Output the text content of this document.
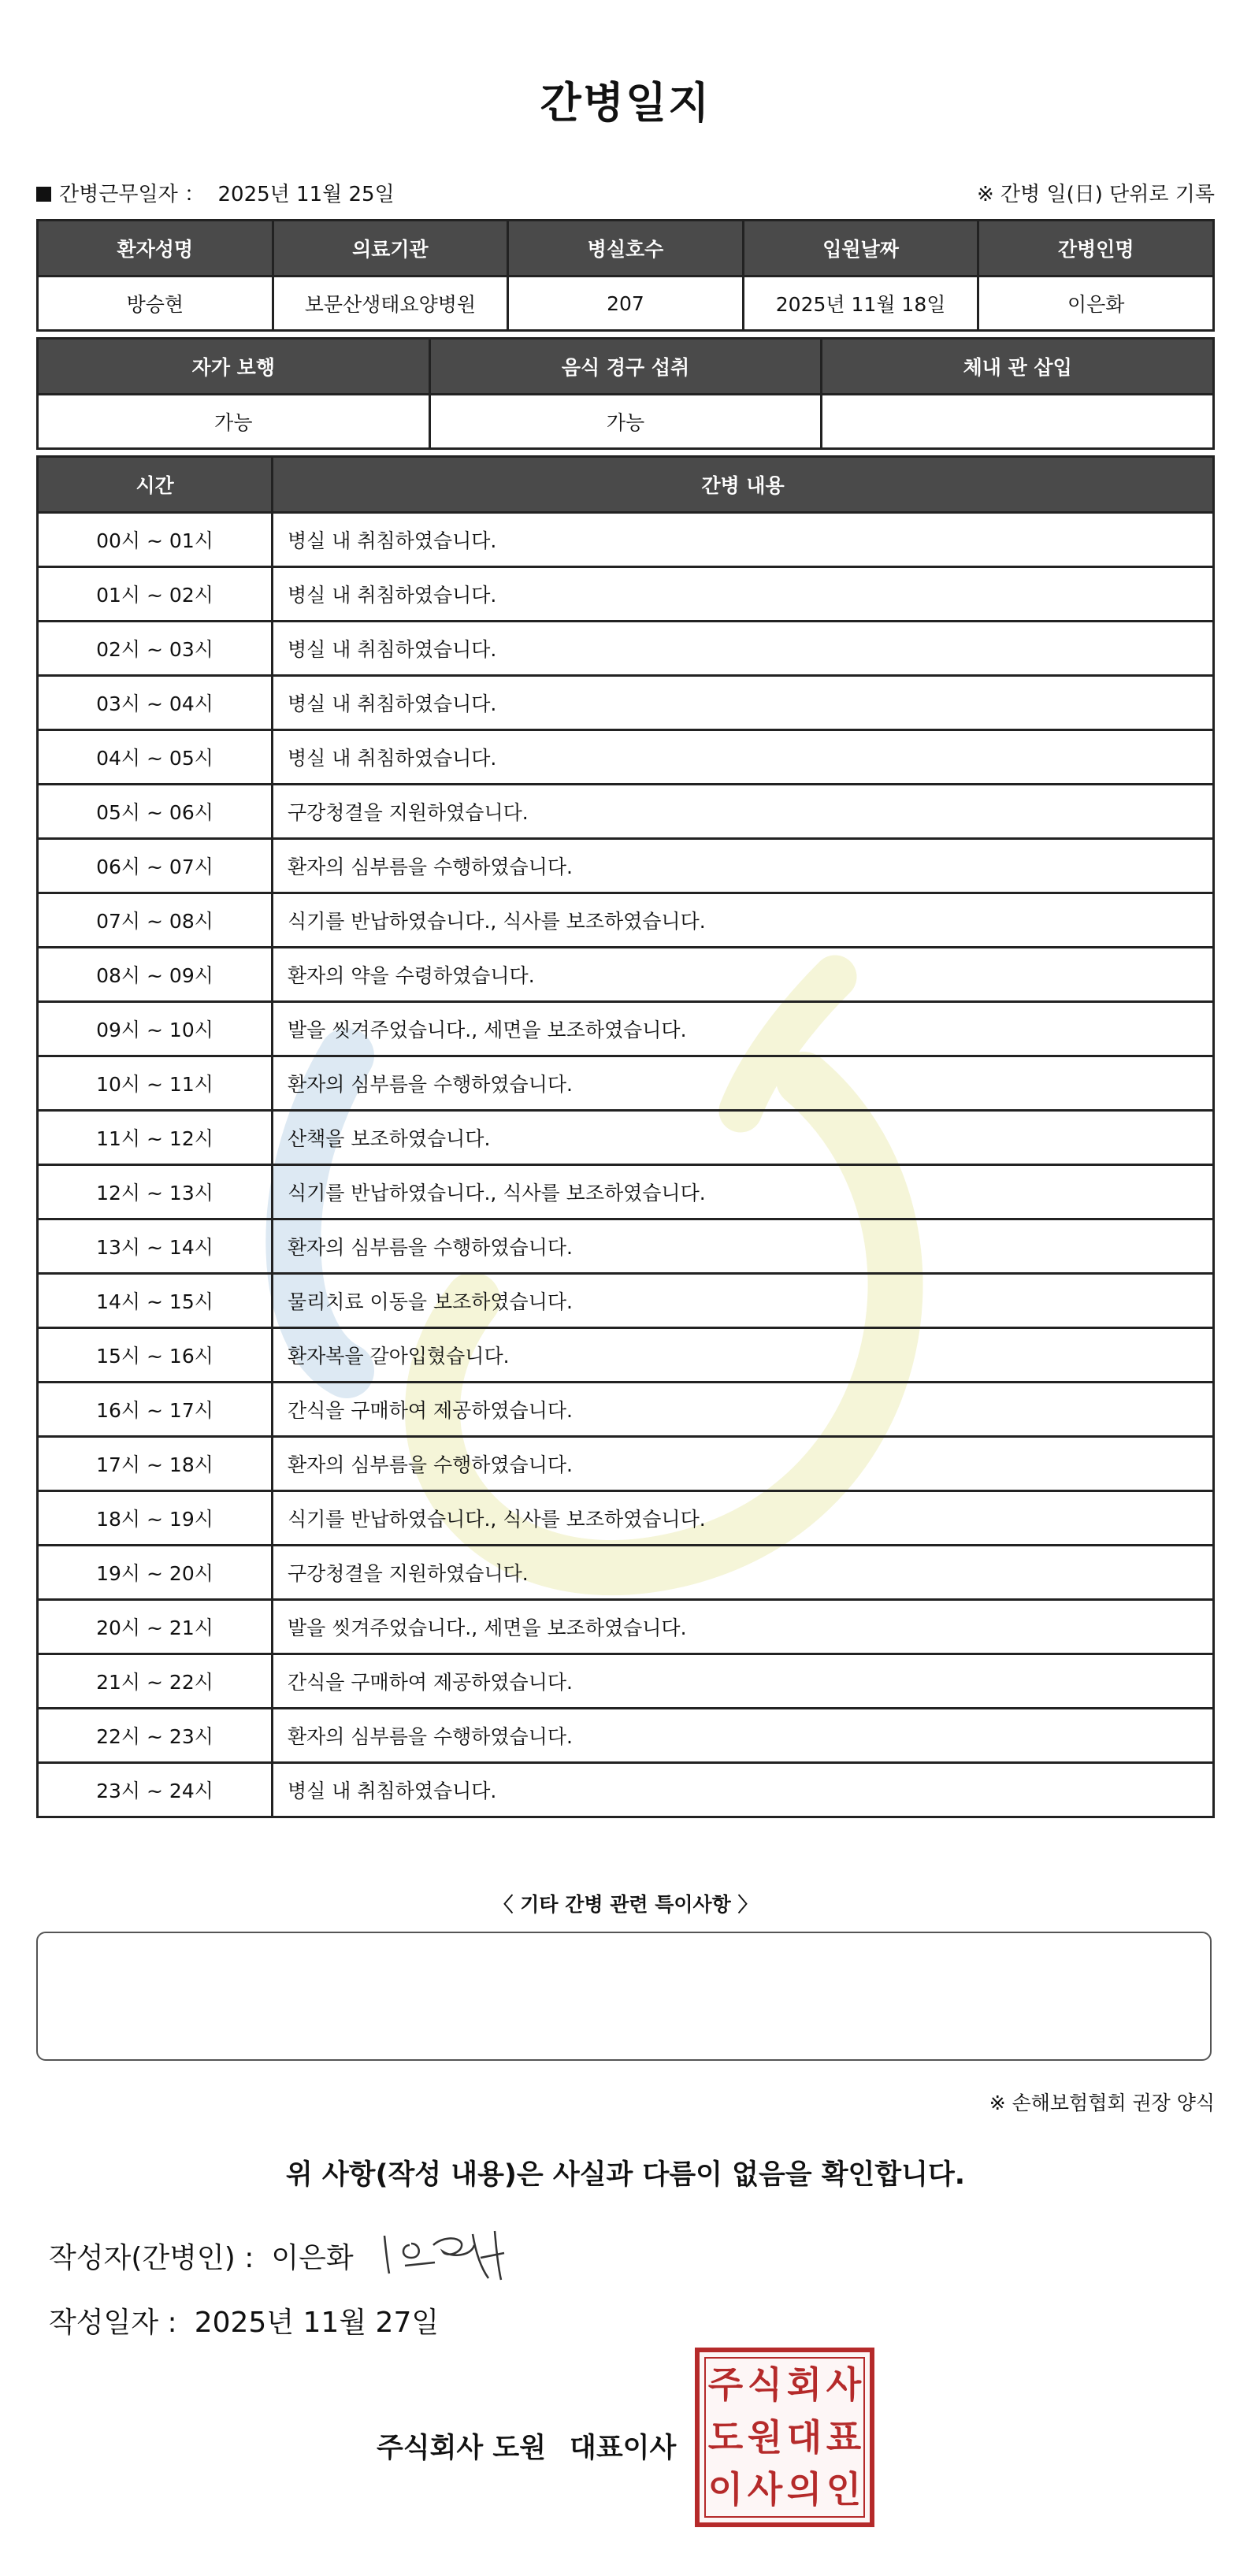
간병일지
간병근무일자 ： 2025년 11월 25일	※ 간병 일(日) 단위로 기록
환자성명	의료기관	병실호수	입원날짜	간병인명
방승현	보문산생태요양병원	207	2025년 11월 18일	이은화
자가 보행	음식 경구 섭취	체내 관 삽입
가능	가능	
시간	간병 내용
00시 ~ 01시	병실 내 취침하였습니다.
01시 ~ 02시	병실 내 취침하였습니다.
02시 ~ 03시	병실 내 취침하였습니다.
03시 ~ 04시	병실 내 취침하였습니다.
04시 ~ 05시	병실 내 취침하였습니다.
05시 ~ 06시	구강청결을 지원하였습니다.
06시 ~ 07시	환자의 심부름을 수행하였습니다.
07시 ~ 08시	식기를 반납하였습니다., 식사를 보조하였습니다.
08시 ~ 09시	환자의 약을 수령하였습니다.
09시 ~ 10시	발을 씻겨주었습니다., 세면을 보조하였습니다.
10시 ~ 11시	환자의 심부름을 수행하였습니다.
11시 ~ 12시	산책을 보조하였습니다.
12시 ~ 13시	식기를 반납하였습니다., 식사를 보조하였습니다.
13시 ~ 14시	환자의 심부름을 수행하였습니다.
14시 ~ 15시	물리치료 이동을 보조하였습니다.
15시 ~ 16시	환자복을 갈아입혔습니다.
16시 ~ 17시	간식을 구매하여 제공하였습니다.
17시 ~ 18시	환자의 심부름을 수행하였습니다.
18시 ~ 19시	식기를 반납하였습니다., 식사를 보조하였습니다.
19시 ~ 20시	구강청결을 지원하였습니다.
20시 ~ 21시	발을 씻겨주었습니다., 세면을 보조하였습니다.
21시 ~ 22시	간식을 구매하여 제공하였습니다.
22시 ~ 23시	환자의 심부름을 수행하였습니다.
23시 ~ 24시	병실 내 취침하였습니다.
〈 기타 간병 관련 특이사항 〉
※ 손해보험협회 권장 양식
위 사항(작성 내용)은 사실과 다름이 없음을 확인합니다.
작성자(간병인) : 이은화
작성일자 : 2025년 11월 27일
주식회사 도원 대표이사
주 식 회 사
도 원 대 표
이 사 의 인
